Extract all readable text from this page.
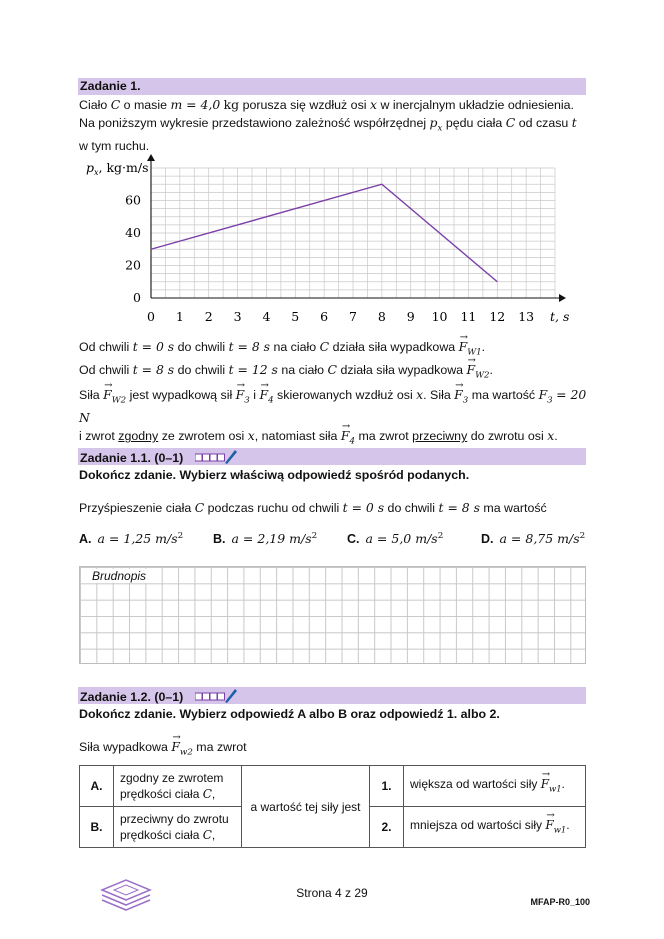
Zadanie 1.
Ciało 𝐶 o masie m = 4,0 kg porusza się wzdłuż osi x w inercjalnym układzie odniesienia.
Na poniższym wykresie przedstawiono zależność współrzędnej $p_x$ pędu ciała 𝐶 od czasu t
w tym ruchu.
0 1 2 3 4 5 6 7 8 9 10 11 12 13
0
20
40
60
$p_x$, kg·m/s
t, s
Od chwili t = 0 s do chwili t = 8 s na ciało 𝐶 działa siła wypadkowa → $F_{W1}$.
Od chwili t = 8 s do chwili t = 12 s na ciało 𝐶 działa siła wypadkowa → $F_{W2}$.
Siła → $F_{W2}$ jest wypadkową sił → $F_3$ $i \to F_4$ skierowanych wzdłuż osi x. Siła → $F_3$ ma wartość $F_3 = 20$ N
i zwrot zgodny ze zwrotem osi x, natomiast siła → $F_4$ ma zwrot przeciwny do zwrotu osi x.
Zadanie 1.1. (0–1)
Dokończ zdanie. Wybierz właściwą odpowiedź spośród podanych.
Przyśpieszenie ciała 𝐶 podczas ruchu od chwili t = 0 s do chwili t = 8 s ma wartość
A. a = 1,25 $m/s^2$ B. a = 2,19 $m/s^2$ C. a = 5,0 $m/s^2$	D. a = 8,75 $m/s^2$
Brudnopis
Zadanie 1.2. (0–1)
Dokończ zdanie. Wybierz odpowiedź A albo B oraz odpowiedź 1. albo 2.
Siła wypadkowa → $F_{w2}$ ma zwrot
A.	zgodny ze zwrotem
prędkości ciała 𝐶,	a wartość tej siły jest	1.	większa od wartości siły → $F_{w1}$.
B.	przeciwny do zwrotu
prędkości ciała 𝐶,		2.	mniejsza od wartości siły → $F_{w1}$.
Strona 4 z 29
MFAP-R0_100
